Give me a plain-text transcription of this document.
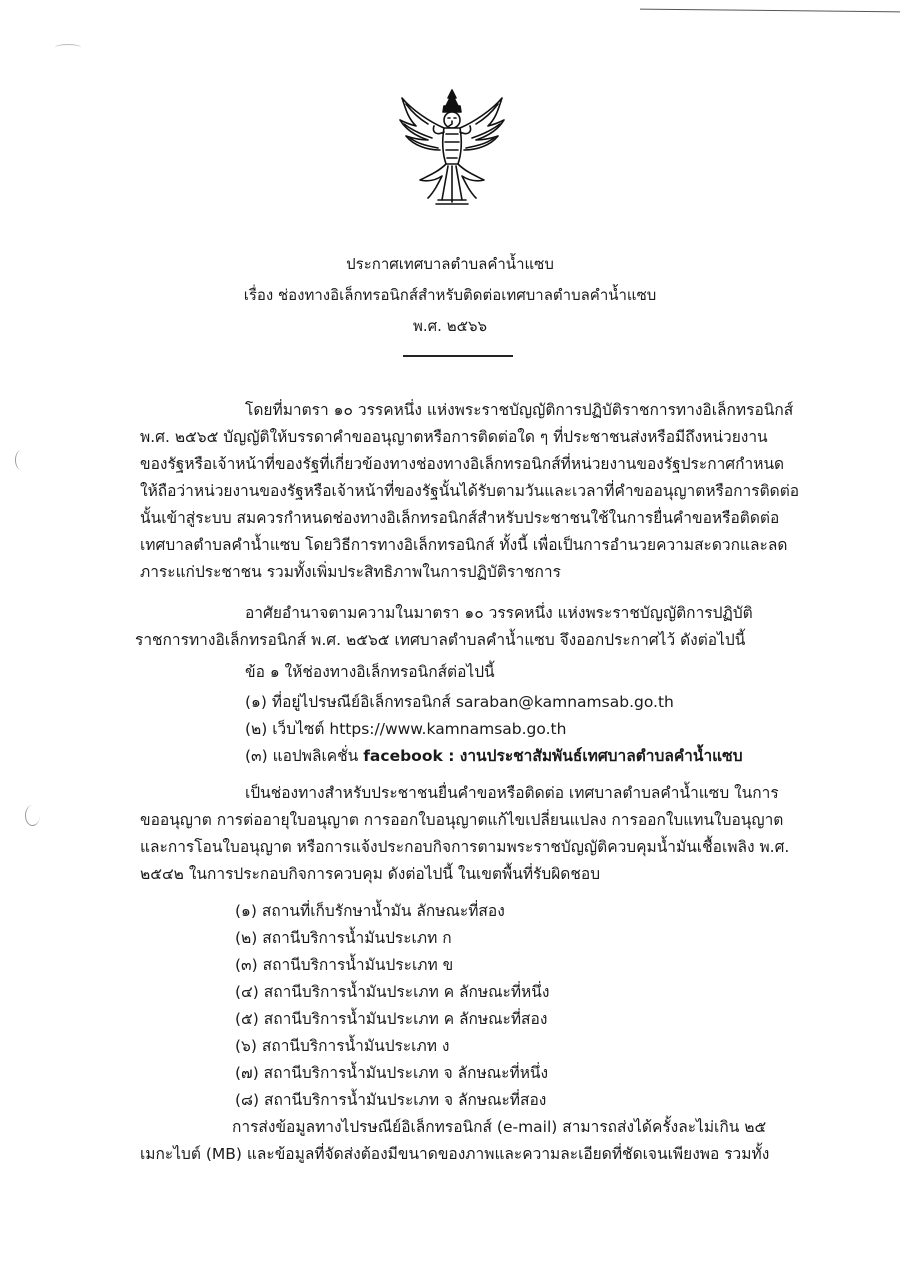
ประกาศเทศบาลตำบลคำน้ำแซบ
เรื่อง ช่องทางอิเล็กทรอนิกส์สำหรับติดต่อเทศบาลตำบลคำน้ำแซบ
พ.ศ. ๒๕๖๖
โดยที่มาตรา ๑๐ วรรคหนึ่ง แห่งพระราชบัญญัติการปฏิบัติราชการทางอิเล็กทรอนิกส์
พ.ศ. ๒๕๖๕ บัญญัติให้บรรดาคำขออนุญาตหรือการติดต่อใด ๆ ที่ประชาชนส่งหรือมีถึงหน่วยงาน
ของรัฐหรือเจ้าหน้าที่ของรัฐที่เกี่ยวข้องทางช่องทางอิเล็กทรอนิกส์ที่หน่วยงานของรัฐประกาศกำหนด
ให้ถือว่าหน่วยงานของรัฐหรือเจ้าหน้าที่ของรัฐนั้นได้รับตามวันและเวลาที่คำขออนุญาตหรือการติดต่อ
นั้นเข้าสู่ระบบ สมควรกำหนดช่องทางอิเล็กทรอนิกส์สำหรับประชาชนใช้ในการยื่นคำขอหรือติดต่อ
เทศบาลตำบลคำน้ำแซบ โดยวิธีการทางอิเล็กทรอนิกส์ ทั้งนี้ เพื่อเป็นการอำนวยความสะดวกและลด
ภาระแก่ประชาชน รวมทั้งเพิ่มประสิทธิภาพในการปฏิบัติราชการ
อาศัยอำนาจตามความในมาตรา ๑๐ วรรคหนึ่ง แห่งพระราชบัญญัติการปฏิบัติ
ราชการทางอิเล็กทรอนิกส์ พ.ศ. ๒๕๖๕ เทศบาลตำบลคำน้ำแซบ จึงออกประกาศไว้ ดังต่อไปนี้
ข้อ ๑ ให้ช่องทางอิเล็กทรอนิกส์ต่อไปนี้
(๑) ที่อยู่ไปรษณีย์อิเล็กทรอนิกส์ saraban@kamnamsab.go.th
(๒) เว็บไซต์ https://www.kamnamsab.go.th
(๓) แอปพลิเคชั่น facebook : งานประชาสัมพันธ์เทศบาลตำบลคำน้ำแซบ
เป็นช่องทางสำหรับประชาชนยื่นคำขอหรือติดต่อ เทศบาลตำบลคำน้ำแซบ ในการ
ขออนุญาต การต่ออายุใบอนุญาต การออกใบอนุญาตแก้ไขเปลี่ยนแปลง การออกใบแทนใบอนุญาต
และการโอนใบอนุญาต หรือการแจ้งประกอบกิจการตามพระราชบัญญัติควบคุมน้ำมันเชื้อเพลิง พ.ศ.
๒๕๔๒ ในการประกอบกิจการควบคุม ดังต่อไปนี้ ในเขตพื้นที่รับผิดชอบ
(๑) สถานที่เก็บรักษาน้ำมัน ลักษณะที่สอง
(๒) สถานีบริการน้ำมันประเภท ก
(๓) สถานีบริการน้ำมันประเภท ข
(๔) สถานีบริการน้ำมันประเภท ค ลักษณะที่หนึ่ง
(๕) สถานีบริการน้ำมันประเภท ค ลักษณะที่สอง
(๖) สถานีบริการน้ำมันประเภท ง
(๗) สถานีบริการน้ำมันประเภท จ ลักษณะที่หนึ่ง
(๘) สถานีบริการน้ำมันประเภท จ ลักษณะที่สอง
การส่งข้อมูลทางไปรษณีย์อิเล็กทรอนิกส์ (e-mail) สามารถส่งได้ครั้งละไม่เกิน ๒๕
เมกะไบต์ (MB) และข้อมูลที่จัดส่งต้องมีขนาดของภาพและความละเอียดที่ชัดเจนเพียงพอ รวมทั้ง
